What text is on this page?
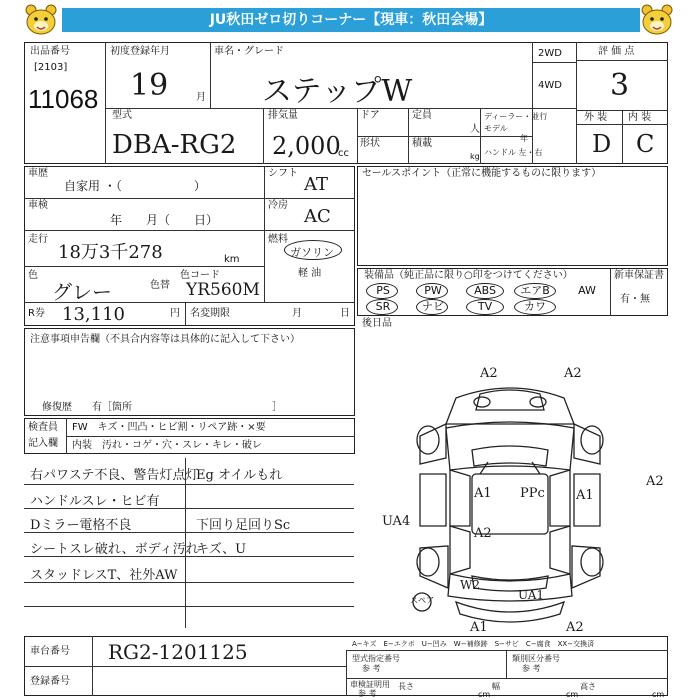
JU秋田ゼロ切りコーナー【現車：秋田会場】
出品番号
[2103]
11068
初度登録年月
19	月
車名・グレード
ステップW
2WD
4WD
評 価 点
3
型式
DBA-RG2
排気量
2,000
cc
ドア	定員
人
形状	積載
kg
ディーラー・並行
モデル
年
ハンドル 左・右
外 装 内 装
D C
車歴
自家用 ・（　　　　　　）
シフト
AT
車検
年　　月（　　日）
冷房
AC
走行
18万3千278	km
燃料
ガソリン
軽 油
色
グレー	色替
色コード
YR560M
R券 13,110	円 名変期限	月	日
セールスポイント（正常に機能するものに限ります）
装備品（純正品に限り○印をつけてください）	新車保証書
有・無
PS	PW	ABS	エアB	AW
SR	ナビ	TV	カワ
後日品
注意事項申告欄（不具合内容等は具体的に記入して下さい）
修復歴　　有［箇所　　　　　　　　　　　　　　］
検査員
記入欄
FW　キズ・凹凸・ヒビ割・リペア跡・×要
内装　汚れ・コゲ・穴・スレ・キレ・破レ
右パワステ不良、警告灯点灯
ハンドルスレ・ヒビ有
Dミラー電格不良
シートスレ破れ、ボディ汚れ
スタッドレスT、社外AW
Eg オイルもれ
下回り足回りSc
キズ、U
A2	A2
A2
PPc
A1	A1
A2
UA4
W2
UA1
A1	A2
スペア
A−キズ　E−エクボ　U−凹み　W−補修跡　S−サビ　C−腐食　XX−交換済
車台番号 RG2-1201125
登録番号
型式指定番号
参 考
類別区分番号
参 考
車検証明用
参 考
長さ
cm
幅
cm
高さ
cm
